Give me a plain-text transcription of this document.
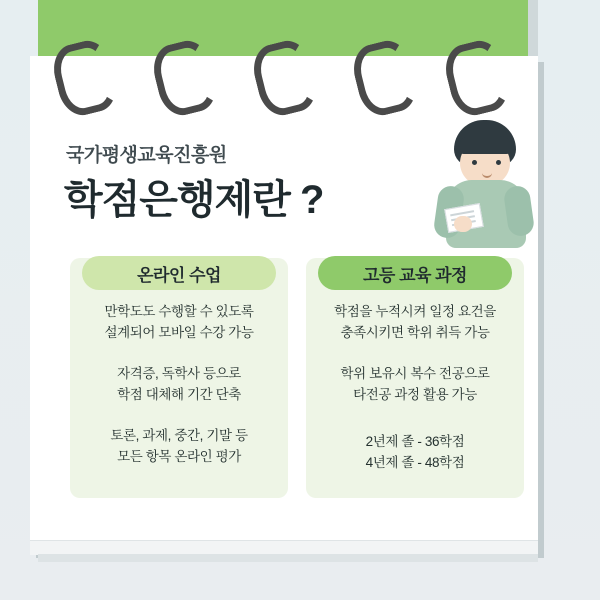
국가평생교육진흥원
학점은행제란 ?
온라인 수업

만학도도 수행할 수 있도록
설계되어 모바일 수강 가능

자격증, 독학사 등으로
학점 대체해 기간 단축

토론, 과제, 중간, 기말 등
모든 항목 온라인 평가

고등 교육 과정

학점을 누적시켜 일정 요건을
충족시키면 학위 취득 가능

학위 보유시 복수 전공으로
타전공 과정 활용 가능

2년제 졸 - 36학점
4년제 졸 - 48학점
